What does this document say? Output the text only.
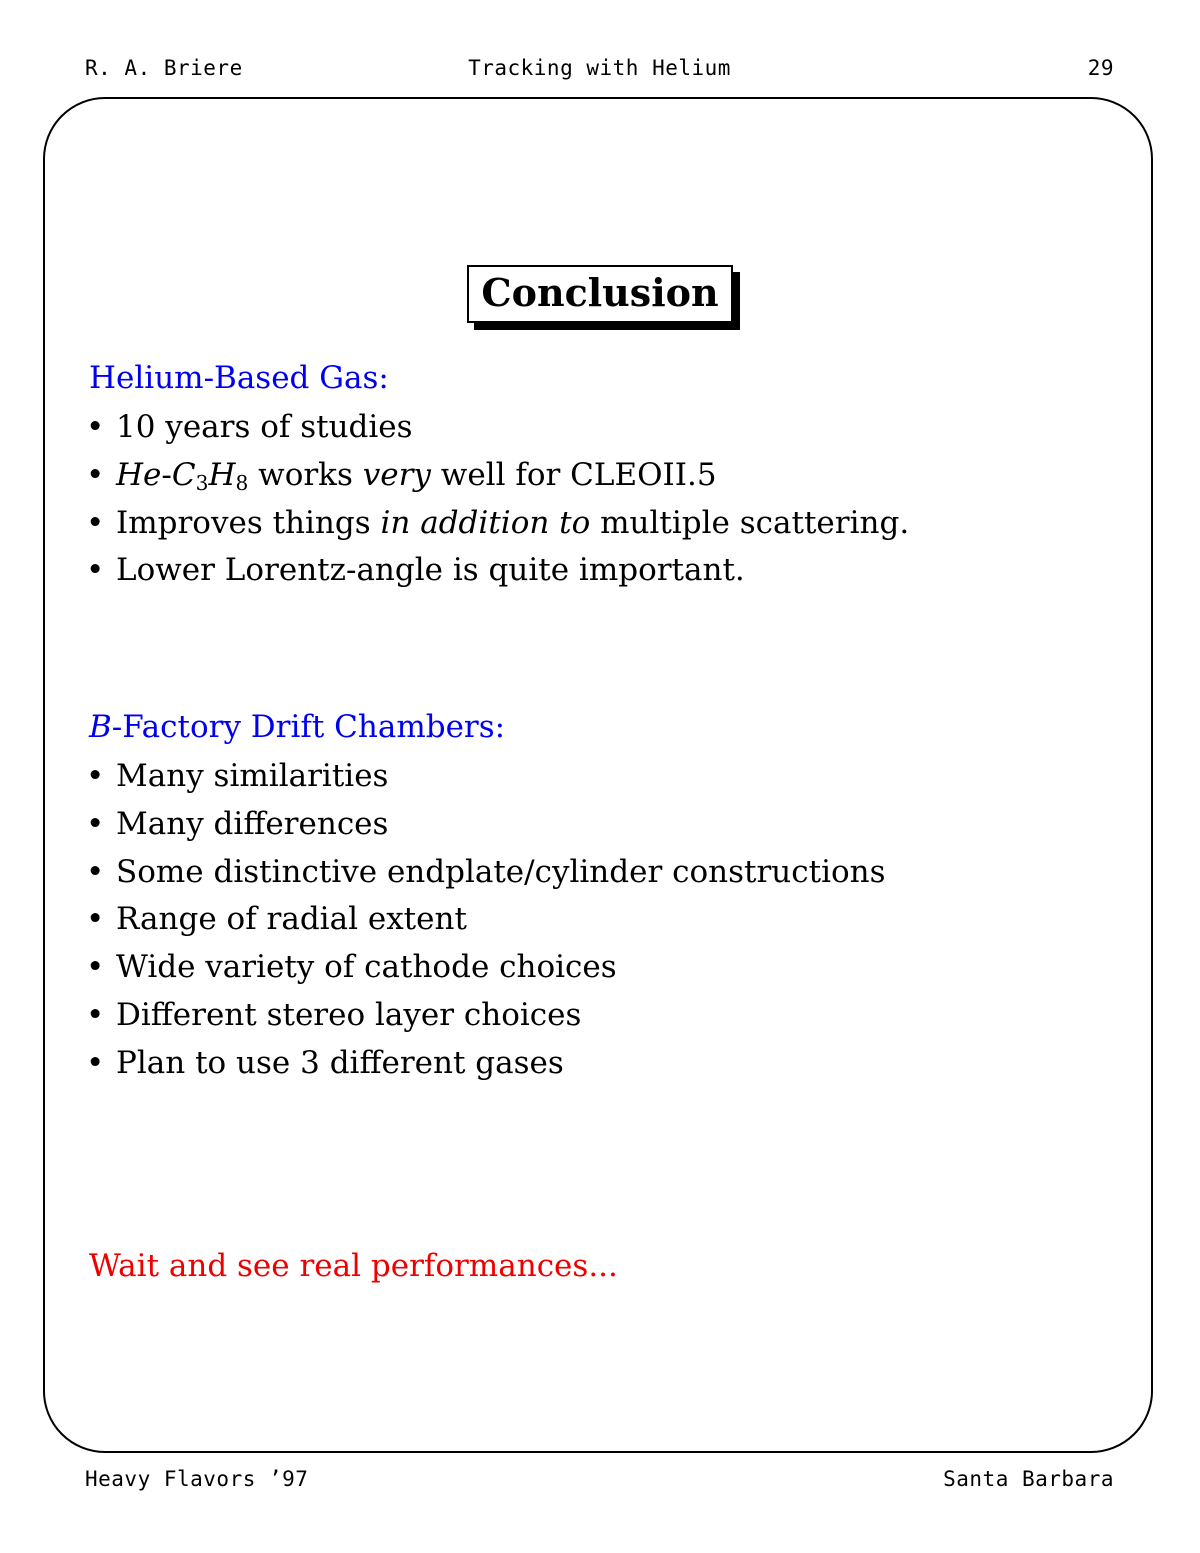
R. A. Briere	Tracking with Helium	29
Conclusion
Helium-Based Gas:
• 10 years of studies
• $He-C_3H_8$ works very well for CLEOII.5
• Improves things in addition to multiple scattering.
• Lower Lorentz-angle is quite important.
B-Factory Drift Chambers:
• Many similarities
• Many differences
• Some distinctive endplate/cylinder constructions
• Range of radial extent
• Wide variety of cathode choices
• Different stereo layer choices
• Plan to use 3 different gases
Wait and see real performances...
Heavy Flavors ’97	Santa Barbara
